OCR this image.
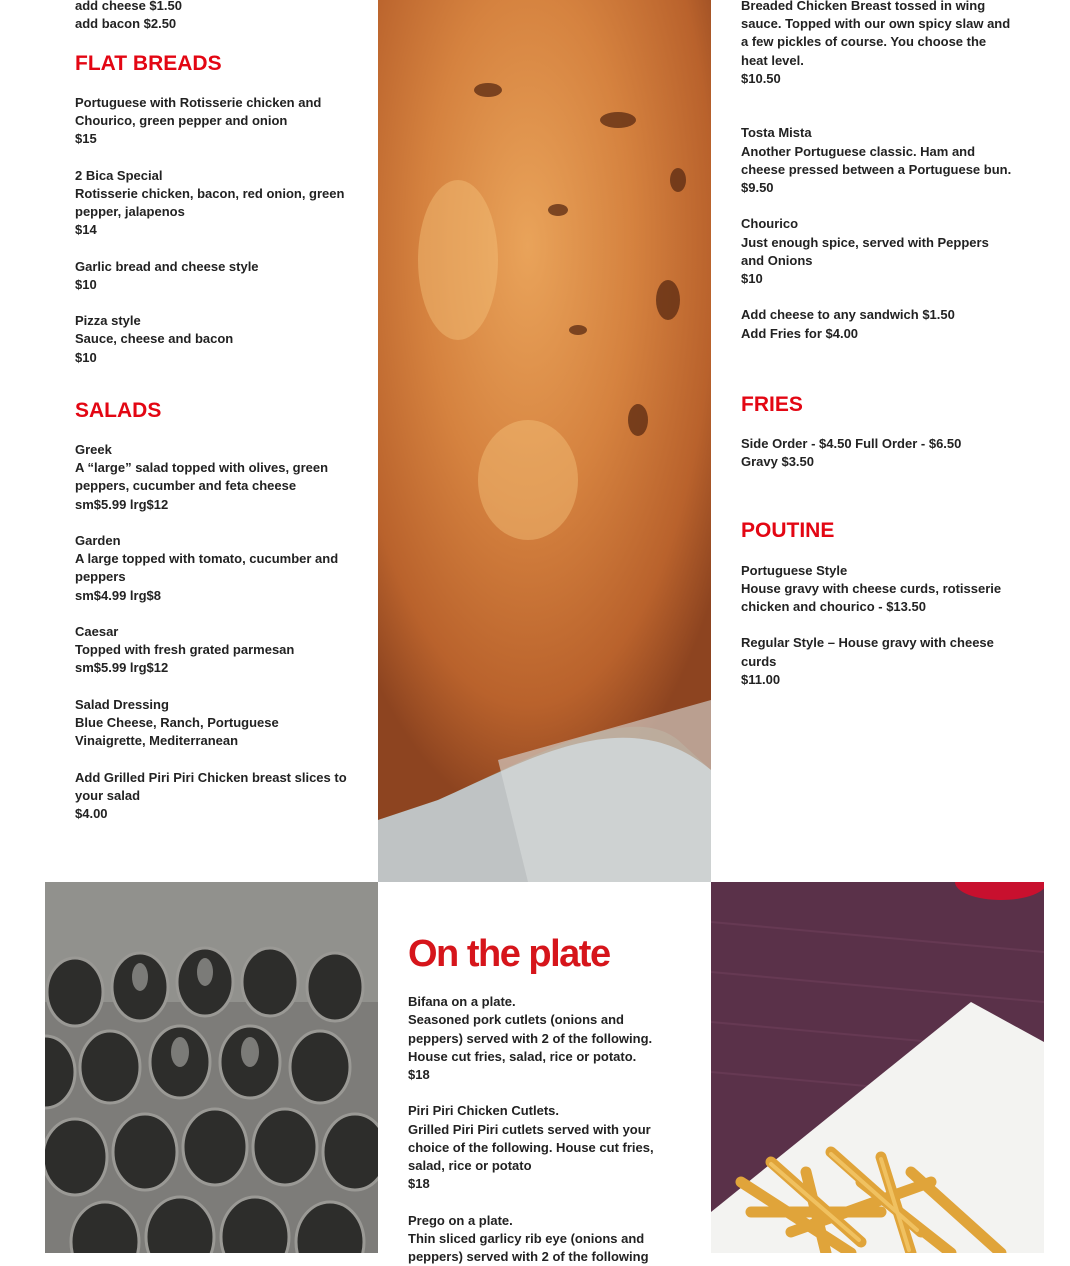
add cheese $1.50
add bacon $2.50
FLAT BREADS
Portuguese with Rotisserie chicken and
Chourico, green pepper and onion
$15
2 Bica Special
Rotisserie chicken, bacon, red onion, green
pepper, jalapenos
$14
Garlic bread and cheese style
$10
Pizza style
Sauce, cheese and bacon
$10
SALADS
Greek
A “large” salad topped with olives, green
peppers, cucumber and feta cheese
sm$5.99 lrg$12
Garden
A large topped with tomato, cucumber and
peppers
sm$4.99 lrg$8
Caesar
Topped with fresh grated parmesan
sm$5.99 lrg$12
Salad Dressing
Blue Cheese, Ranch, Portuguese
Vinaigrette, Mediterranean
Add Grilled Piri Piri Chicken breast slices to
your salad
$4.00
Breaded Chicken Breast tossed in wing
sauce. Topped with our own spicy slaw and
a few pickles of course. You choose the
heat level.
$10.50
Tosta Mista
Another Portuguese classic. Ham and
cheese pressed between a Portuguese bun.
$9.50
Chourico
Just enough spice, served with Peppers
and Onions
$10
Add cheese to any sandwich $1.50
Add Fries for $4.00
FRIES
Side Order - $4.50 Full Order - $6.50
Gravy $3.50
POUTINE
Portuguese Style
House gravy with cheese curds, rotisserie
chicken and chourico - $13.50
Regular Style – House gravy with cheese
curds
$11.00
On the plate
Bifana on a plate.
Seasoned pork cutlets (onions and
peppers) served with 2 of the following.
House cut fries, salad, rice or potato.
$18
Piri Piri Chicken Cutlets.
Grilled Piri Piri cutlets served with your
choice of the following. House cut fries,
salad, rice or potato
$18
Prego on a plate.
Thin sliced garlicy rib eye (onions and
peppers) served with 2 of the following
